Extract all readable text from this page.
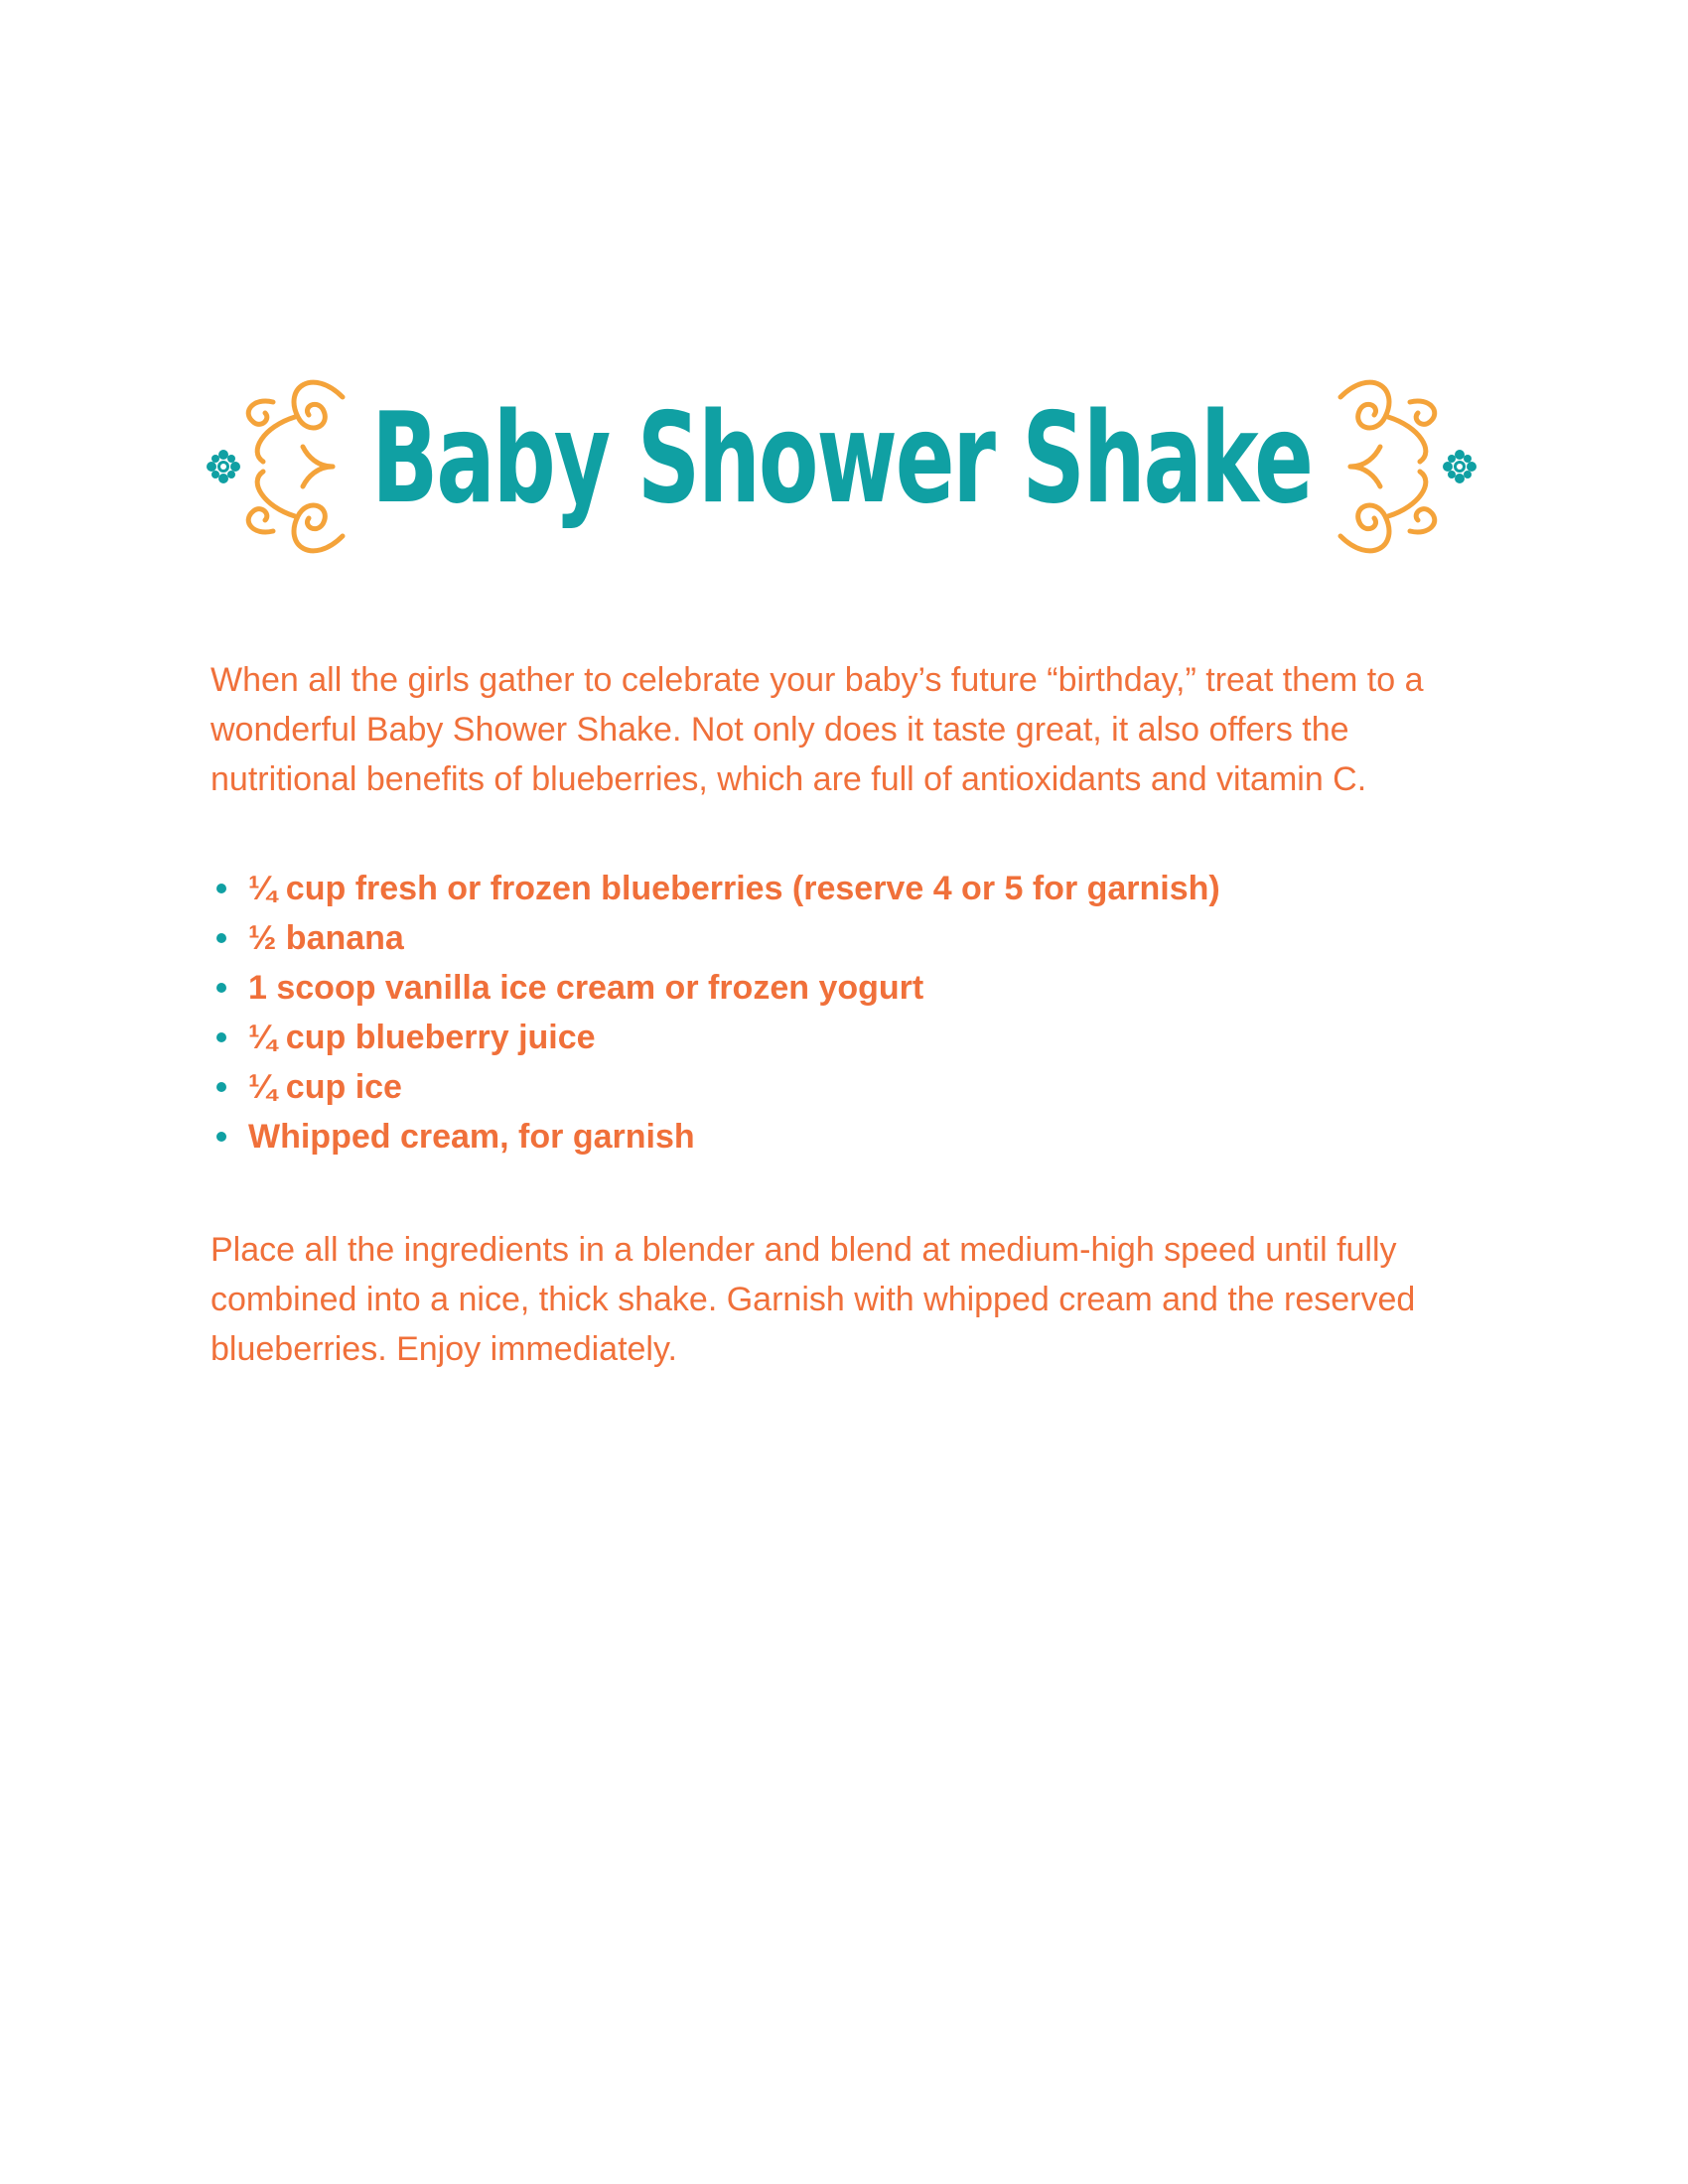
Baby Shower Shake

When all the girls gather to celebrate your baby’s future “birthday,” treat them to a wonderful Baby Shower Shake. Not only does it taste great, it also offers the nutritional benefits of blueberries, which are full of antioxidants and vitamin C.

¼ cup fresh or frozen blueberries (reserve 4 or 5 for garnish)
½ banana
1 scoop vanilla ice cream or frozen yogurt
¼ cup blueberry juice
¼ cup ice
Whipped cream, for garnish

Place all the ingredients in a blender and blend at medium-high speed until fully combined into a nice, thick shake. Garnish with whipped cream and the reserved blueberries. Enjoy immediately.
